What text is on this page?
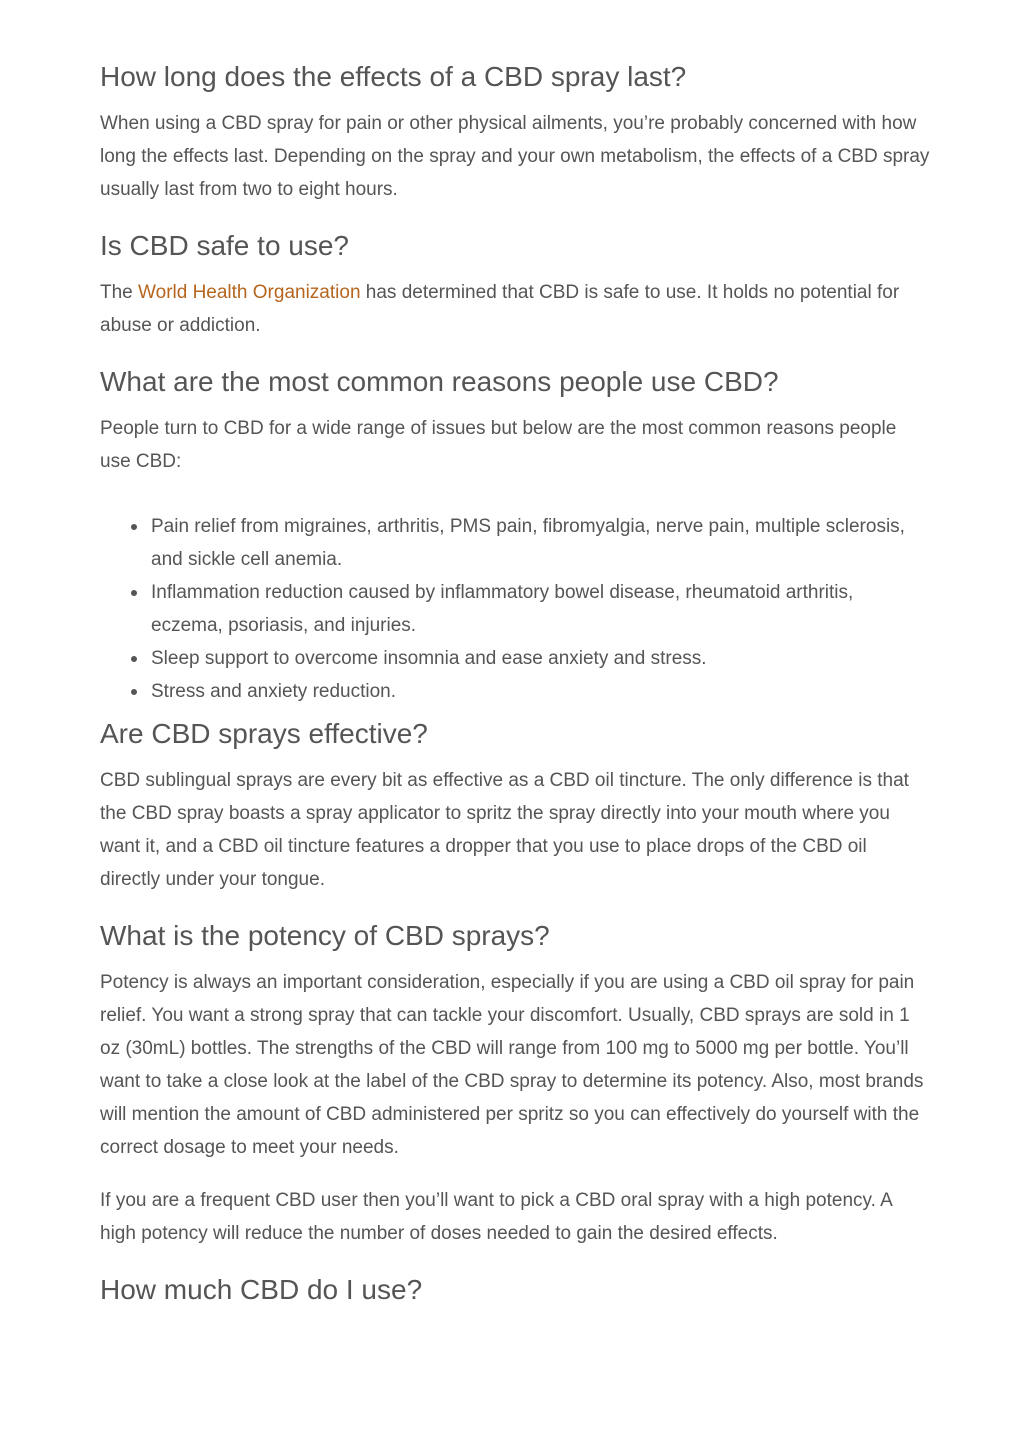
How long does the effects of a CBD spray last?

When using a CBD spray for pain or other physical ailments, you’re probably concerned with how long the effects last. Depending on the spray and your own metabolism, the effects of a CBD spray usually last from two to eight hours.

Is CBD safe to use?

The World Health Organization has determined that CBD is safe to use. It holds no potential for abuse or addiction.

What are the most common reasons people use CBD?

People turn to CBD for a wide range of issues but below are the most common reasons people use CBD:

Pain relief from migraines, arthritis, PMS pain, fibromyalgia, nerve pain, multiple sclerosis, and sickle cell anemia.
Inflammation reduction caused by inflammatory bowel disease, rheumatoid arthritis, eczema, psoriasis, and injuries.
Sleep support to overcome insomnia and ease anxiety and stress.
Stress and anxiety reduction.
Are CBD sprays effective?

CBD sublingual sprays are every bit as effective as a CBD oil tincture. The only difference is that the CBD spray boasts a spray applicator to spritz the spray directly into your mouth where you want it, and a CBD oil tincture features a dropper that you use to place drops of the CBD oil directly under your tongue.

What is the potency of CBD sprays?

Potency is always an important consideration, especially if you are using a CBD oil spray for pain relief. You want a strong spray that can tackle your discomfort. Usually, CBD sprays are sold in 1 oz (30mL) bottles. The strengths of the CBD will range from 100 mg to 5000 mg per bottle. You’ll want to take a close look at the label of the CBD spray to determine its potency. Also, most brands will mention the amount of CBD administered per spritz so you can effectively do yourself with the correct dosage to meet your needs.

If you are a frequent CBD user then you’ll want to pick a CBD oral spray with a high potency. A high potency will reduce the number of doses needed to gain the desired effects.

How much CBD do I use?
